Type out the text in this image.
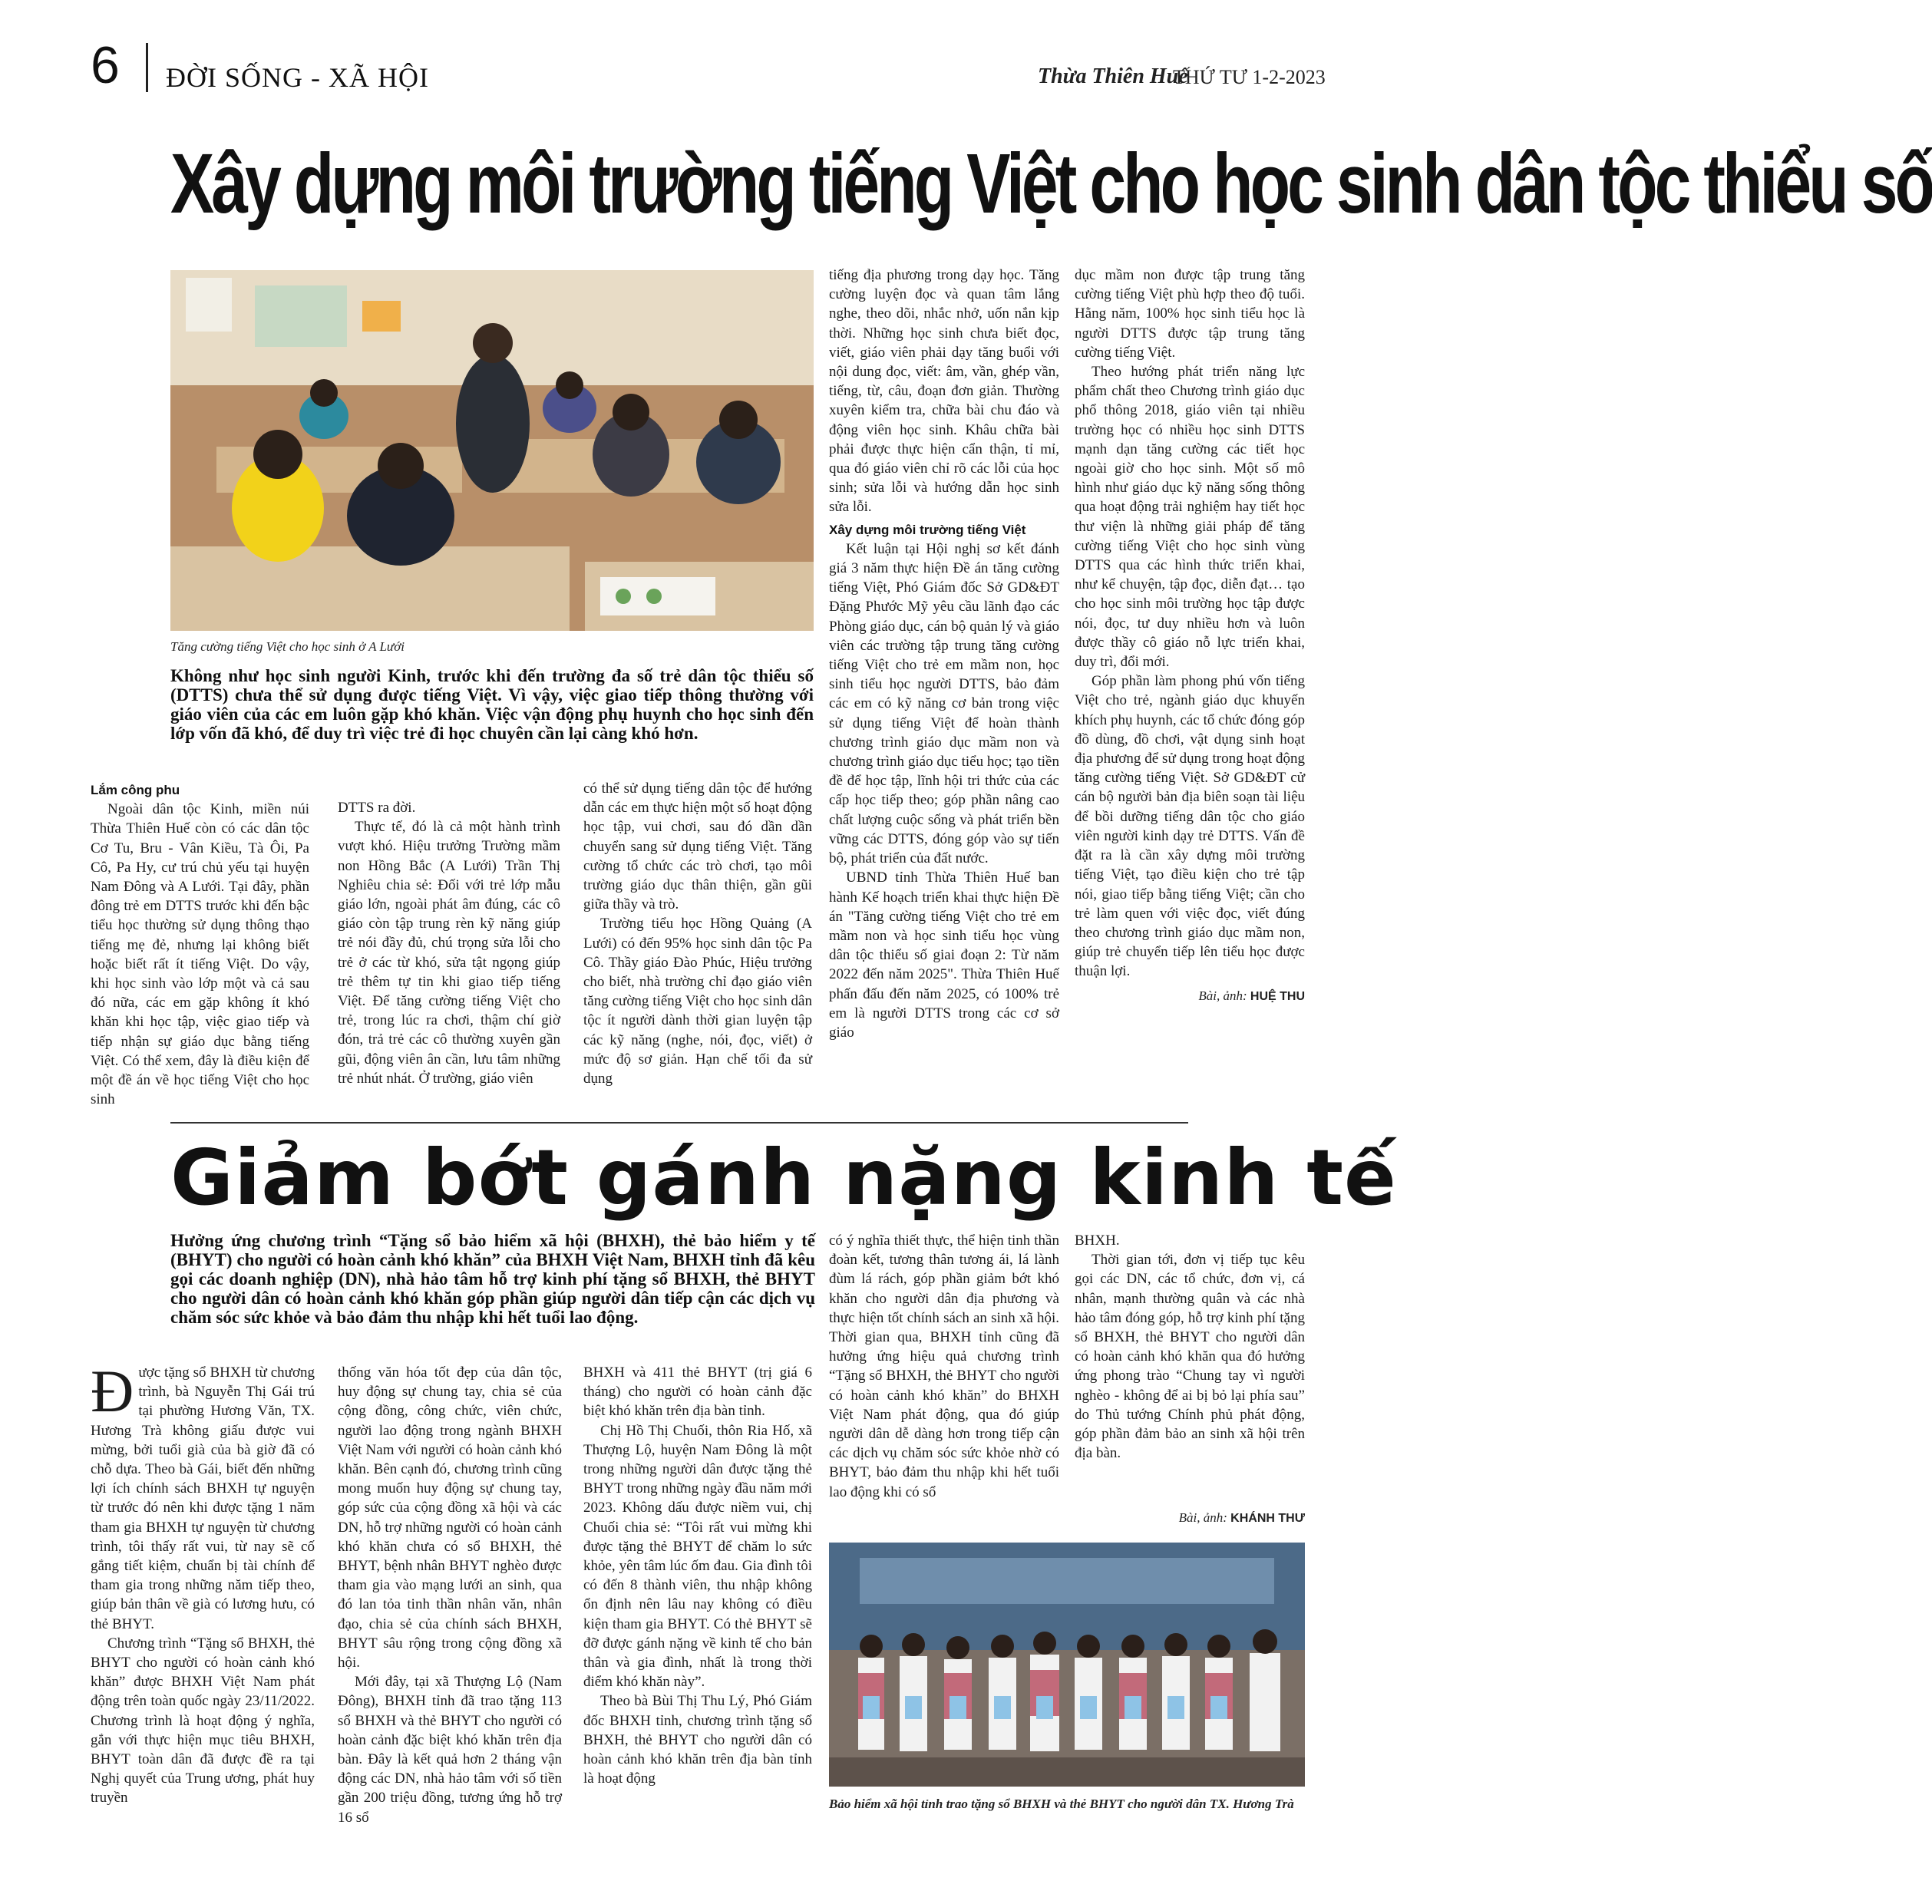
6 ĐỜI SỐNG - XÃ HỘI	Thừa Thiên Huế
THỨ TƯ 1-2-2023
Xây dựng môi trường tiếng Việt cho học sinh dân tộc thiểu số
Tăng cường tiếng Việt cho học sinh ở A Lưới
Không như học sinh người Kinh, trước khi đến trường đa số trẻ dân tộc thiểu số (DTTS) chưa thể sử dụng được tiếng Việt. Vì vậy, việc giao tiếp thông thường với giáo viên của các em luôn gặp khó khăn. Việc vận động phụ huynh cho học sinh đến lớp vốn đã khó, để duy trì việc trẻ đi học chuyên cần lại càng khó hơn.

Lắm công phu

Ngoài dân tộc Kinh, miền núi Thừa Thiên Huế còn có các dân tộc Cơ Tu, Bru - Vân Kiều, Tà Ôi, Pa Cô, Pa Hy, cư trú chủ yếu tại huyện Nam Đông và A Lưới. Tại đây, phần đông trẻ em DTTS trước khi đến bậc tiểu học thường sử dụng thông thạo tiếng mẹ đẻ, nhưng lại không biết hoặc biết rất ít tiếng Việt. Do vậy, khi học sinh vào lớp một và cả sau đó nữa, các em gặp không ít khó khăn khi học tập, việc giao tiếp và tiếp nhận sự giáo dục bằng tiếng Việt. Có thể xem, đây là điều kiện để một đề án về học tiếng Việt cho học sinh

DTTS ra đời.

Thực tế, đó là cả một hành trình vượt khó. Hiệu trưởng Trường mầm non Hồng Bắc (A Lưới) Trần Thị Nghiêu chia sẻ: Đối với trẻ lớp mẫu giáo lớn, ngoài phát âm đúng, các cô giáo còn tập trung rèn kỹ năng giúp trẻ nói đầy đủ, chú trọng sửa lỗi cho trẻ ở các từ khó, sửa tật ngọng giúp trẻ thêm tự tin khi giao tiếp tiếng Việt. Để tăng cường tiếng Việt cho trẻ, trong lúc ra chơi, thậm chí giờ đón, trả trẻ các cô thường xuyên gần gũi, động viên ân cần, lưu tâm những trẻ nhút nhát. Ở trường, giáo viên

có thể sử dụng tiếng dân tộc để hướng dẫn các em thực hiện một số hoạt động học tập, vui chơi, sau đó dần dần chuyển sang sử dụng tiếng Việt. Tăng cường tổ chức các trò chơi, tạo môi trường giáo dục thân thiện, gần gũi giữa thầy và trò.

Trường tiểu học Hồng Quảng (A Lưới) có đến 95% học sinh dân tộc Pa Cô. Thầy giáo Đào Phúc, Hiệu trưởng cho biết, nhà trường chỉ đạo giáo viên tăng cường tiếng Việt cho học sinh dân tộc ít người dành thời gian luyện tập các kỹ năng (nghe, nói, đọc, viết) ở mức độ sơ giản. Hạn chế tối đa sử dụng

tiếng địa phương trong dạy học. Tăng cường luyện đọc và quan tâm lắng nghe, theo dõi, nhắc nhở, uốn nắn kịp thời. Những học sinh chưa biết đọc, viết, giáo viên phải dạy tăng buổi với nội dung đọc, viết: âm, vần, ghép vần, tiếng, từ, câu, đoạn đơn giản. Thường xuyên kiểm tra, chữa bài chu đáo và động viên học sinh. Khâu chữa bài phải được thực hiện cẩn thận, tỉ mỉ, qua đó giáo viên chỉ rõ các lỗi của học sinh; sửa lỗi và hướng dẫn học sinh sửa lỗi.

Xây dựng môi trường tiếng Việt

Kết luận tại Hội nghị sơ kết đánh giá 3 năm thực hiện Đề án tăng cường tiếng Việt, Phó Giám đốc Sở GD&ĐT Đặng Phước Mỹ yêu cầu lãnh đạo các Phòng giáo dục, cán bộ quản lý và giáo viên các trường tập trung tăng cường tiếng Việt cho trẻ em mầm non, học sinh tiểu học người DTTS, bảo đảm các em có kỹ năng cơ bản trong việc sử dụng tiếng Việt để hoàn thành chương trình giáo dục mầm non và chương trình giáo dục tiểu học; tạo tiền đề để học tập, lĩnh hội tri thức của các cấp học tiếp theo; góp phần nâng cao chất lượng cuộc sống và phát triển bền vững các DTTS, đóng góp vào sự tiến bộ, phát triển của đất nước.

UBND tỉnh Thừa Thiên Huế ban hành Kế hoạch triển khai thực hiện Đề án "Tăng cường tiếng Việt cho trẻ em mầm non và học sinh tiểu học vùng dân tộc thiểu số giai đoạn 2: Từ năm 2022 đến năm 2025". Thừa Thiên Huế phấn đấu đến năm 2025, có 100% trẻ em là người DTTS trong các cơ sở giáo

dục mầm non được tập trung tăng cường tiếng Việt phù hợp theo độ tuổi. Hằng năm, 100% học sinh tiểu học là người DTTS được tập trung tăng cường tiếng Việt.

Theo hướng phát triển năng lực phẩm chất theo Chương trình giáo dục phổ thông 2018, giáo viên tại nhiều trường học có nhiều học sinh DTTS mạnh dạn tăng cường các tiết học ngoài giờ cho học sinh. Một số mô hình như giáo dục kỹ năng sống thông qua hoạt động trải nghiệm hay tiết học thư viện là những giải pháp để tăng cường tiếng Việt cho học sinh vùng DTTS qua các hình thức triển khai, như kể chuyện, tập đọc, diễn đạt… tạo cho học sinh môi trường học tập được nói, đọc, tư duy nhiều hơn và luôn được thầy cô giáo nỗ lực triển khai, duy trì, đổi mới.

Góp phần làm phong phú vốn tiếng Việt cho trẻ, ngành giáo dục khuyến khích phụ huynh, các tổ chức đóng góp đồ dùng, đồ chơi, vật dụng sinh hoạt địa phương để sử dụng trong hoạt động tăng cường tiếng Việt. Sở GD&ĐT cử cán bộ người bản địa biên soạn tài liệu để bồi dưỡng tiếng dân tộc cho giáo viên người kinh dạy trẻ DTTS. Vấn đề đặt ra là cần xây dựng môi trường tiếng Việt, tạo điều kiện cho trẻ tập nói, giao tiếp bằng tiếng Việt; cần cho trẻ làm quen với việc đọc, viết đúng theo chương trình giáo dục mầm non, giúp trẻ chuyển tiếp lên tiểu học được thuận lợi.

Bài, ảnh: HUỆ THU
Giảm bớt gánh nặng kinh tế
Hưởng ứng chương trình “Tặng sổ bảo hiểm xã hội (BHXH), thẻ bảo hiểm y tế (BHYT) cho người có hoàn cảnh khó khăn” của BHXH Việt Nam, BHXH tỉnh đã kêu gọi các doanh nghiệp (DN), nhà hảo tâm hỗ trợ kinh phí tặng sổ BHXH, thẻ BHYT cho người dân có hoàn cảnh khó khăn góp phần giúp người dân tiếp cận các dịch vụ chăm sóc sức khỏe và bảo đảm thu nhập khi hết tuổi lao động.

Được tặng sổ BHXH từ chương trình, bà Nguyễn Thị Gái trú tại phường Hương Văn, TX. Hương Trà không giấu được vui mừng, bởi tuổi già của bà giờ đã có chỗ dựa. Theo bà Gái, biết đến những lợi ích chính sách BHXH tự nguyện từ trước đó nên khi được tặng 1 năm tham gia BHXH tự nguyện từ chương trình, tôi thấy rất vui, từ nay sẽ cố gắng tiết kiệm, chuẩn bị tài chính để tham gia trong những năm tiếp theo, giúp bản thân về già có lương hưu, có thẻ BHYT.

Chương trình “Tặng sổ BHXH, thẻ BHYT cho người có hoàn cảnh khó khăn” được BHXH Việt Nam phát động trên toàn quốc ngày 23/11/2022. Chương trình là hoạt động ý nghĩa, gắn với thực hiện mục tiêu BHXH, BHYT toàn dân đã được đề ra tại Nghị quyết của Trung ương, phát huy truyền

thống văn hóa tốt đẹp của dân tộc, huy động sự chung tay, chia sẻ của cộng đồng, công chức, viên chức, người lao động trong ngành BHXH Việt Nam với người có hoàn cảnh khó khăn. Bên cạnh đó, chương trình cũng mong muốn huy động sự chung tay, góp sức của cộng đồng xã hội và các DN, hỗ trợ những người có hoàn cảnh khó khăn chưa có sổ BHXH, thẻ BHYT, bệnh nhân BHYT nghèo được tham gia vào mạng lưới an sinh, qua đó lan tỏa tinh thần nhân văn, nhân đạo, chia sẻ của chính sách BHXH, BHYT sâu rộng trong cộng đồng xã hội.

Mới đây, tại xã Thượng Lộ (Nam Đông), BHXH tỉnh đã trao tặng 113 sổ BHXH và thẻ BHYT cho người có hoàn cảnh đặc biệt khó khăn trên địa bàn. Đây là kết quả hơn 2 tháng vận động các DN, nhà hảo tâm với số tiền gần 200 triệu đồng, tương ứng hỗ trợ 16 sổ

BHXH và 411 thẻ BHYT (trị giá 6 tháng) cho người có hoàn cảnh đặc biệt khó khăn trên địa bàn tỉnh.

Chị Hồ Thị Chuối, thôn Ria Hố, xã Thượng Lộ, huyện Nam Đông là một trong những người dân được tặng thẻ BHYT trong những ngày đầu năm mới 2023. Không dấu được niềm vui, chị Chuối chia sẻ: “Tôi rất vui mừng khi được tặng thẻ BHYT để chăm lo sức khỏe, yên tâm lúc ốm đau. Gia đình tôi có đến 8 thành viên, thu nhập không ổn định nên lâu nay không có điều kiện tham gia BHYT. Có thẻ BHYT sẽ đỡ được gánh nặng về kinh tế cho bản thân và gia đình, nhất là trong thời điểm khó khăn này”.

Theo bà Bùi Thị Thu Lý, Phó Giám đốc BHXH tỉnh, chương trình tặng sổ BHXH, thẻ BHYT cho người dân có hoàn cảnh khó khăn trên địa bàn tỉnh là hoạt động

có ý nghĩa thiết thực, thể hiện tinh thần đoàn kết, tương thân tương ái, lá lành đùm lá rách, góp phần giảm bớt khó khăn cho người dân địa phương và thực hiện tốt chính sách an sinh xã hội. Thời gian qua, BHXH tỉnh cũng đã hưởng ứng hiệu quả chương trình “Tặng sổ BHXH, thẻ BHYT cho người có hoàn cảnh khó khăn” do BHXH Việt Nam phát động, qua đó giúp người dân dễ dàng hơn trong tiếp cận các dịch vụ chăm sóc sức khỏe nhờ có BHYT, bảo đảm thu nhập khi hết tuổi lao động khi có sổ

BHXH.

Thời gian tới, đơn vị tiếp tục kêu gọi các DN, các tổ chức, đơn vị, cá nhân, mạnh thường quân và các nhà hảo tâm đóng góp, hỗ trợ kinh phí tặng sổ BHXH, thẻ BHYT cho người dân có hoàn cảnh khó khăn qua đó hưởng ứng phong trào “Chung tay vì người nghèo - không để ai bị bỏ lại phía sau” do Thủ tướng Chính phủ phát động, góp phần đảm bảo an sinh xã hội trên địa bàn.

Bài, ảnh: KHÁNH THƯ
Bảo hiểm xã hội tỉnh trao tặng sổ BHXH và thẻ BHYT cho người dân TX. Hương Trà
